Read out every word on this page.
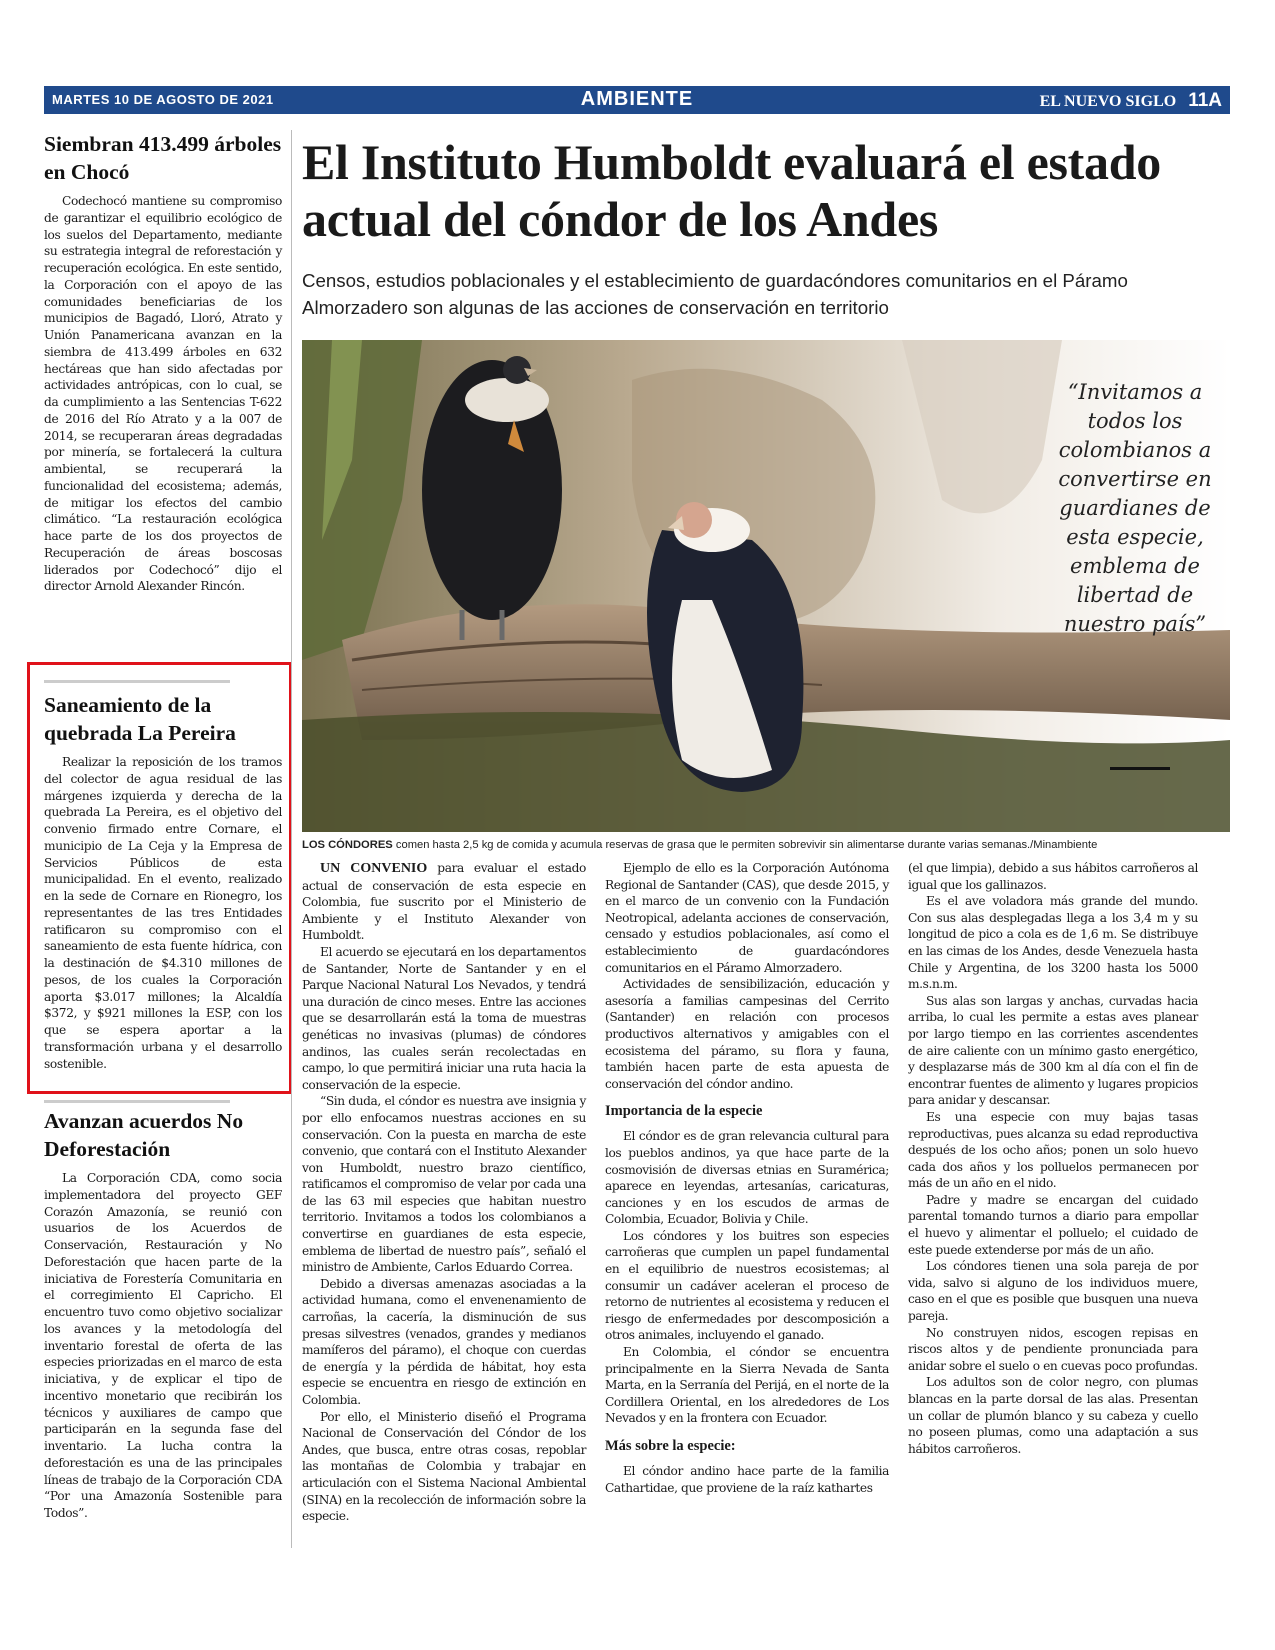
MARTES 10 DE AGOSTO DE 2021	AMBIENTE	EL NUEVO SIGLO 11A
Siembran 413.499 árboles en Chocó

Codechocó mantiene su compromiso de garantizar el equilibrio ecológico de los suelos del Departamento, mediante su estrategia integral de reforestación y recuperación ecológica. En este sentido, la Corporación con el apoyo de las comunidades beneficiarias de los municipios de Bagadó, Lloró, Atrato y Unión Panamericana avanzan en la siembra de 413.499 árboles en 632 hectáreas que han sido afectadas por actividades antrópicas, con lo cual, se da cumplimiento a las Sentencias T-622 de 2016 del Río Atrato y a la 007 de 2014, se recuperaran áreas degradadas por minería, se fortalecerá la cultura ambiental, se recuperará la funcionalidad del ecosistema; además, de mitigar los efectos del cambio climático. “La restauración ecológica hace parte de los dos proyectos de Recuperación de áreas boscosas liderados por Codechocó” dijo el director Arnold Alexander Rincón.

Saneamiento de la quebrada La Pereira

Realizar la reposición de los tramos del colector de agua residual de las márgenes izquierda y derecha de la quebrada La Pereira, es el objetivo del convenio firmado entre Cornare, el municipio de La Ceja y la Empresa de Servicios Públicos de esta municipalidad. En el evento, realizado en la sede de Cornare en Rionegro, los representantes de las tres Entidades ratificaron su compromiso con el saneamiento de esta fuente hídrica, con la destinación de $4.310 millones de pesos, de los cuales la Corporación aporta $3.017 millones; la Alcaldía $372, y $921 millones la ESP, con los que se espera aportar a la transformación urbana y el desarrollo sostenible.

Avanzan acuerdos No Deforestación

La Corporación CDA, como socia implementadora del proyecto GEF Corazón Amazonía, se reunió con usuarios de los Acuerdos de Conservación, Restauración y No Deforestación que hacen parte de la iniciativa de Forestería Comunitaria en el corregimiento El Capricho. El encuentro tuvo como objetivo socializar los avances y la metodología del inventario forestal de oferta de las especies priorizadas en el marco de esta iniciativa, y de explicar el tipo de incentivo monetario que recibirán los técnicos y auxiliares de campo que participarán en la segunda fase del inventario. La lucha contra la deforestación es una de las principales líneas de trabajo de la Corporación CDA “Por una Amazonía Sostenible para Todos”.

El Instituto Humboldt evaluará el estado actual del cóndor de los Andes

Censos, estudios poblacionales y el establecimiento de guardacóndores comunitarios en el Páramo Almorzadero son algunas de las acciones de conservación en territorio

“Invitamos a todos los colombianos a convertirse en guardianes de esta especie, emblema de libertad de nuestro país”
LOS CÓNDORES comen hasta 2,5 kg de comida y acumula reservas de grasa que le permiten sobrevivir sin alimentarse durante varias semanas./Minambiente

UN CONVENIO para evaluar el estado actual de conservación de esta especie en Colombia, fue suscrito por el Ministerio de Ambiente y el Instituto Alexander von Humboldt.

El acuerdo se ejecutará en los departamentos de Santander, Norte de Santander y en el Parque Nacional Natural Los Nevados, y tendrá una duración de cinco meses. Entre las acciones que se desarrollarán está la toma de muestras genéticas no invasivas (plumas) de cóndores andinos, las cuales serán recolectadas en campo, lo que permitirá iniciar una ruta hacia la conservación de la especie.

“Sin duda, el cóndor es nuestra ave insignia y por ello enfocamos nuestras acciones en su conservación. Con la puesta en marcha de este convenio, que contará con el Instituto Alexander von Humboldt, nuestro brazo científico, ratificamos el compromiso de velar por cada una de las 63 mil especies que habitan nuestro territorio. Invitamos a todos los colombianos a convertirse en guardianes de esta especie, emblema de libertad de nuestro país”, señaló el ministro de Ambiente, Carlos Eduardo Correa.

Debido a diversas amenazas asociadas a la actividad humana, como el envenenamiento de carroñas, la cacería, la disminución de sus presas silvestres (venados, grandes y medianos mamíferos del páramo), el choque con cuerdas de energía y la pérdida de hábitat, hoy esta especie se encuentra en riesgo de extinción en Colombia.

Por ello, el Ministerio diseñó el Programa Nacional de Conservación del Cóndor de los Andes, que busca, entre otras cosas, repoblar las montañas de Colombia y trabajar en articulación con el Sistema Nacional Ambiental (SINA) en la recolección de información sobre la especie.

Ejemplo de ello es la Corporación Autónoma Regional de Santander (CAS), que desde 2015, y en el marco de un convenio con la Fundación Neotropical, adelanta acciones de conservación, censado y estudios poblacionales, así como el establecimiento de guardacóndores comunitarios en el Páramo Almorzadero.

Actividades de sensibilización, educación y asesoría a familias campesinas del Cerrito (Santander) en relación con procesos productivos alternativos y amigables con el ecosistema del páramo, su flora y fauna, también hacen parte de esta apuesta de conservación del cóndor andino.

Importancia de la especie

El cóndor es de gran relevancia cultural para los pueblos andinos, ya que hace parte de la cosmovisión de diversas etnias en Suramérica; aparece en leyendas, artesanías, caricaturas, canciones y en los escudos de armas de Colombia, Ecuador, Bolivia y Chile.

Los cóndores y los buitres son especies carroñeras que cumplen un papel fundamental en el equilibrio de nuestros ecosistemas; al consumir un cadáver aceleran el proceso de retorno de nutrientes al ecosistema y reducen el riesgo de enfermedades por descomposición a otros animales, incluyendo el ganado.

En Colombia, el cóndor se encuentra principalmente en la Sierra Nevada de Santa Marta, en la Serranía del Perijá, en el norte de la Cordillera Oriental, en los alrededores de Los Nevados y en la frontera con Ecuador.

Más sobre la especie:

El cóndor andino hace parte de la familia Cathartidae, que proviene de la raíz kathartes

(el que limpia), debido a sus hábitos carroñeros al igual que los gallinazos.

Es el ave voladora más grande del mundo. Con sus alas desplegadas llega a los 3,4 m y su longitud de pico a cola es de 1,6 m. Se distribuye en las cimas de los Andes, desde Venezuela hasta Chile y Argentina, de los 3200 hasta los 5000 m.s.n.m.

Sus alas son largas y anchas, curvadas hacia arriba, lo cual les permite a estas aves planear por largo tiempo en las corrientes ascendentes de aire caliente con un mínimo gasto energético, y desplazarse más de 300 km al día con el fin de encontrar fuentes de alimento y lugares propicios para anidar y descansar.

Es una especie con muy bajas tasas reproductivas, pues alcanza su edad reproductiva después de los ocho años; ponen un solo huevo cada dos años y los polluelos permanecen por más de un año en el nido.

Padre y madre se encargan del cuidado parental tomando turnos a diario para empollar el huevo y alimentar el polluelo; el cuidado de este puede extenderse por más de un año.

Los cóndores tienen una sola pareja de por vida, salvo si alguno de los individuos muere, caso en el que es posible que busquen una nueva pareja.

No construyen nidos, escogen repisas en riscos altos y de pendiente pronunciada para anidar sobre el suelo o en cuevas poco profundas.

Los adultos son de color negro, con plumas blancas en la parte dorsal de las alas. Presentan un collar de plumón blanco y su cabeza y cuello no poseen plumas, como una adaptación a sus hábitos carroñeros.
